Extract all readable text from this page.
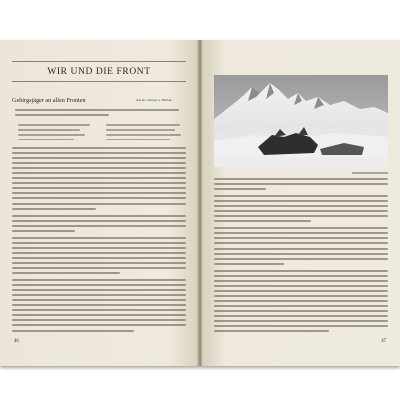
WIR UND DIE FRONT
Gebirgsjäger an allen Fronten	Aus dt. Gebirge u. Heimat
46	47
